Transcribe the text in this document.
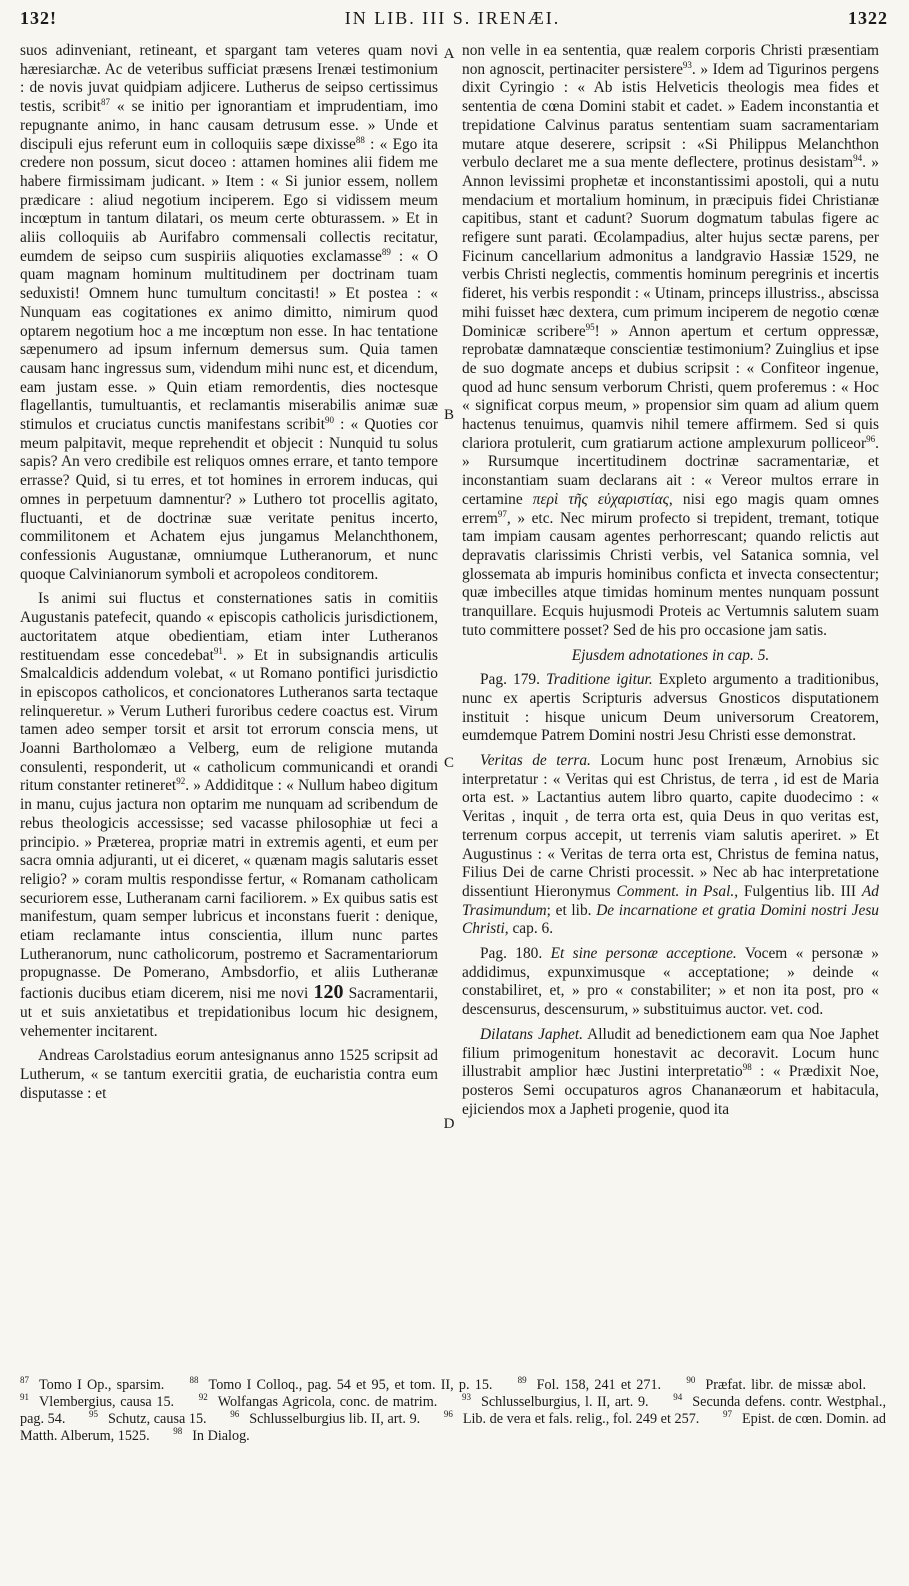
132!	IN LIB. III S. IRENÆI.	1322
A
B
C
D

suos adinveniant, retineant, et spargant tam veteres quam novi hæresiarchæ. Ac de veteribus sufficiat præsens Irenæi testimonium : de novis juvat quidpiam adjicere. Lutherus de seipso certissimus testis, scribit$^{87}$ « se initio per ignorantiam et imprudentiam, imo repugnante animo, in hanc causam detrusum esse. » Unde et discipuli ejus referunt eum in colloquiis sæpe dixisse$^{88}$ : « Ego ita credere non possum, sicut doceo : attamen homines alii fidem me habere firmissimam judicant. » Item : « Si junior essem, nollem prædicare : aliud negotium inciperem. Ego si vidissem meum incœptum in tantum dilatari, os meum certe obturassem. » Et in aliis colloquiis ab Aurifabro commensali collectis recitatur, eumdem de seipso cum suspiriis aliquoties exclamasse$^{89}$ : « O quam magnam hominum multitudinem per doctrinam tuam seduxisti! Omnem hunc tumultum concitasti! » Et postea : « Nunquam eas cogitationes ex animo dimitto, nimirum quod optarem negotium hoc a me incœptum non esse. In hac tentatione sæpenumero ad ipsum infernum demersus sum. Quia tamen causam hanc ingressus sum, videndum mihi nunc est, et dicendum, eam justam esse. » Quin etiam remordentis, dies noctesque flagellantis, tumultuantis, et reclamantis miserabilis animæ suæ stimulos et cruciatus cunctis manifestans scribit$^{90}$ : « Quoties cor meum palpitavit, meque reprehendit et objecit : Nunquid tu solus sapis? An vero credibile est reliquos omnes errare, et tanto tempore errasse? Quid, si tu erres, et tot homines in errorem inducas, qui omnes in perpetuum damnentur? » Luthero tot procellis agitato, fluctuanti, et de doctrinæ suæ veritate penitus incerto, commilitonem et Achatem ejus jungamus Melanchthonem, confessionis Augustanæ, omniumque Lutheranorum, et nunc quoque Calvinianorum symboli et acropoleos conditorem.

Is animi sui fluctus et consternationes satis in comitiis Augustanis patefecit, quando « episcopis catholicis jurisdictionem, auctoritatem atque obedientiam, etiam inter Lutheranos restituendam esse concedebat$^{91}$. » Et in subsignandis articulis Smalcaldicis addendum volebat, « ut Romano pontifici jurisdictio in episcopos catholicos, et concionatores Lutheranos sarta tectaque relinqueretur. » Verum Lutheri furoribus cedere coactus est. Virum tamen adeo semper torsit et arsit tot errorum conscia mens, ut Joanni Bartholomæo a Velberg, eum de religione mutanda consulenti, responderit, ut « catholicum communicandi et orandi ritum constanter retineret$^{92}$. » Addiditque : « Nullum habeo digitum in manu, cujus jactura non optarim me nunquam ad scribendum de rebus theologicis accessisse; sed vacasse philosophiæ ut feci a principio. » Præterea, propriæ matri in extremis agenti, et eum per sacra omnia adjuranti, ut ei diceret, « quænam magis salutaris esset religio? » coram multis respondisse fertur, « Romanam catholicam securiorem esse, Lutheranam carni faciliorem. » Ex quibus satis est manifestum, quam semper lubricus et inconstans fuerit : denique, etiam reclamante intus conscientia, illum nunc partes Lutheranorum, nunc catholicorum, postremo et Sacramentariorum propugnasse. De Pomerano, Ambsdorfio, et aliis Lutheranæ factionis ducibus etiam dicerem, nisi me novi 120 Sacramentarii, ut et suis anxietatibus et trepidationibus locum hic designem, vehementer incitarent.

Andreas Carolstadius eorum antesignanus anno 1525 scripsit ad Lutherum, « se tantum exercitii gratia, de eucharistia contra eum disputasse : et

non velle in ea sententia, quæ realem corporis Christi præsentiam non agnoscit, pertinaciter persistere$^{93}$. » Idem ad Tigurinos pergens dixit Cyringio : « Ab istis Helveticis theologis mea fides et sententia de cœna Domini stabit et cadet. » Eadem inconstantia et trepidatione Calvinus paratus sententiam suam sacramentariam mutare atque deserere, scripsit : «Si Philippus Melanchthon verbulo declaret me a sua mente deflectere, protinus desistam$^{94}$. » Annon levissimi prophetæ et inconstantissimi apostoli, qui a nutu mendacium et mortalium hominum, in præcipuis fidei Christianæ capitibus, stant et cadunt? Suorum dogmatum tabulas figere ac refigere sunt parati. Œcolampadius, alter hujus sectæ parens, per Ficinum cancellarium admonitus a landgravio Hassiæ 1529, ne verbis Christi neglectis, commentis hominum peregrinis et incertis fideret, his verbis respondit : « Utinam, princeps illustriss., abscissa mihi fuisset hæc dextera, cum primum inciperem de negotio cœnæ Dominicæ scribere$^{95}$! » Annon apertum et certum oppressæ, reprobatæ damnatæque conscientiæ testimonium? Zuinglius et ipse de suo dogmate anceps et dubius scripsit : « Confiteor ingenue, quod ad hunc sensum verborum Christi, quem proferemus : « Hoc « significat corpus meum, » propensior sim quam ad alium quem hactenus tenuimus, quamvis nihil temere affirmem. Sed si quis clariora protulerit, cum gratiarum actione amplexurum polliceor$^{96}$. » Rursumque incertitudinem doctrinæ sacramentariæ, et inconstantiam suam declarans ait : « Vereor multos errare in certamine περὶ τῆς εὐχαριστίας, nisi ego magis quam omnes errem$^{97}$, » etc. Nec mirum profecto si trepident, tremant, totique tam impiam causam agentes perhorrescant; quando relictis aut depravatis clarissimis Christi verbis, vel Satanica somnia, vel glossemata ab impuris hominibus conficta et invecta consectentur; quæ imbecilles atque timidas hominum mentes nunquam possunt tranquillare. Ecquis hujusmodi Proteis ac Vertumnis salutem suam tuto committere posset? Sed de his pro occasione jam satis.

Ejusdem adnotationes in cap. 5.

Pag. 179. Traditione igitur. Expleto argumento a traditionibus, nunc ex apertis Scripturis adversus Gnosticos disputationem instituit : hisque unicum Deum universorum Creatorem, eumdemque Patrem Domini nostri Jesu Christi esse demonstrat.

Veritas de terra. Locum hunc post Irenæum, Arnobius sic interpretatur : « Veritas qui est Christus, de terra , id est de Maria orta est. » Lactantius autem libro quarto, capite duodecimo : « Veritas , inquit , de terra orta est, quia Deus in quo veritas est, terrenum corpus accepit, ut terrenis viam salutis aperiret. » Et Augustinus : « Veritas de terra orta est, Christus de femina natus, Filius Dei de carne Christi processit. » Nec ab hac interpretatione dissentiunt Hieronymus Comment. in Psal., Fulgentius lib. III Ad Trasimundum; et lib. De incarnatione et gratia Domini nostri Jesu Christi, cap. 6.

Pag. 180. Et sine personæ acceptione. Vocem « personæ » addidimus, expunximusque « acceptatione; » deinde « constabiliret, et, » pro « constabiliter; » et non ita post, pro « descensurus, descensurum, » substituimus auctor. vet. cod.

Dilatans Japhet. Alludit ad benedictionem eam qua Noe Japhet filium primogenitum honestavit ac decoravit. Locum hunc illustrabit amplior hæc Justini interpretatio$^{98}$ : « Prædixit Noe, posteros Semi occupaturos agros Chananæorum et habitacula, ejiciendos mox a Japheti progenie, quod ita

$^{87}$ Tomo I Op., sparsim.	$^{88}$ Tomo I Colloq., pag. 54 et 95, et tom. II, p. 15.	$^{89}$ Fol. 158, 241 et 271.	$^{90}$ Præfat. libr. de missæ abol. $^{91}$ Vlembergius, causa 15.	$^{92}$ Wolfangas Agricola, conc. de matrim.	$^{93}$ Schlusselburgius, l. II, art. 9.	$^{94}$ Secunda defens. contr. Westphal., pag. 54.	$^{95}$ Schutz, causa 15.	$^{96}$ Schlusselburgius lib. II, art. 9.	$^{96}$ Lib. de vera et fals. relig., fol. 249 et 257.	$^{97}$ Epist. de cœn. Domin. ad Matth. Alberum, 1525.	$^{98}$ In Dialog.
